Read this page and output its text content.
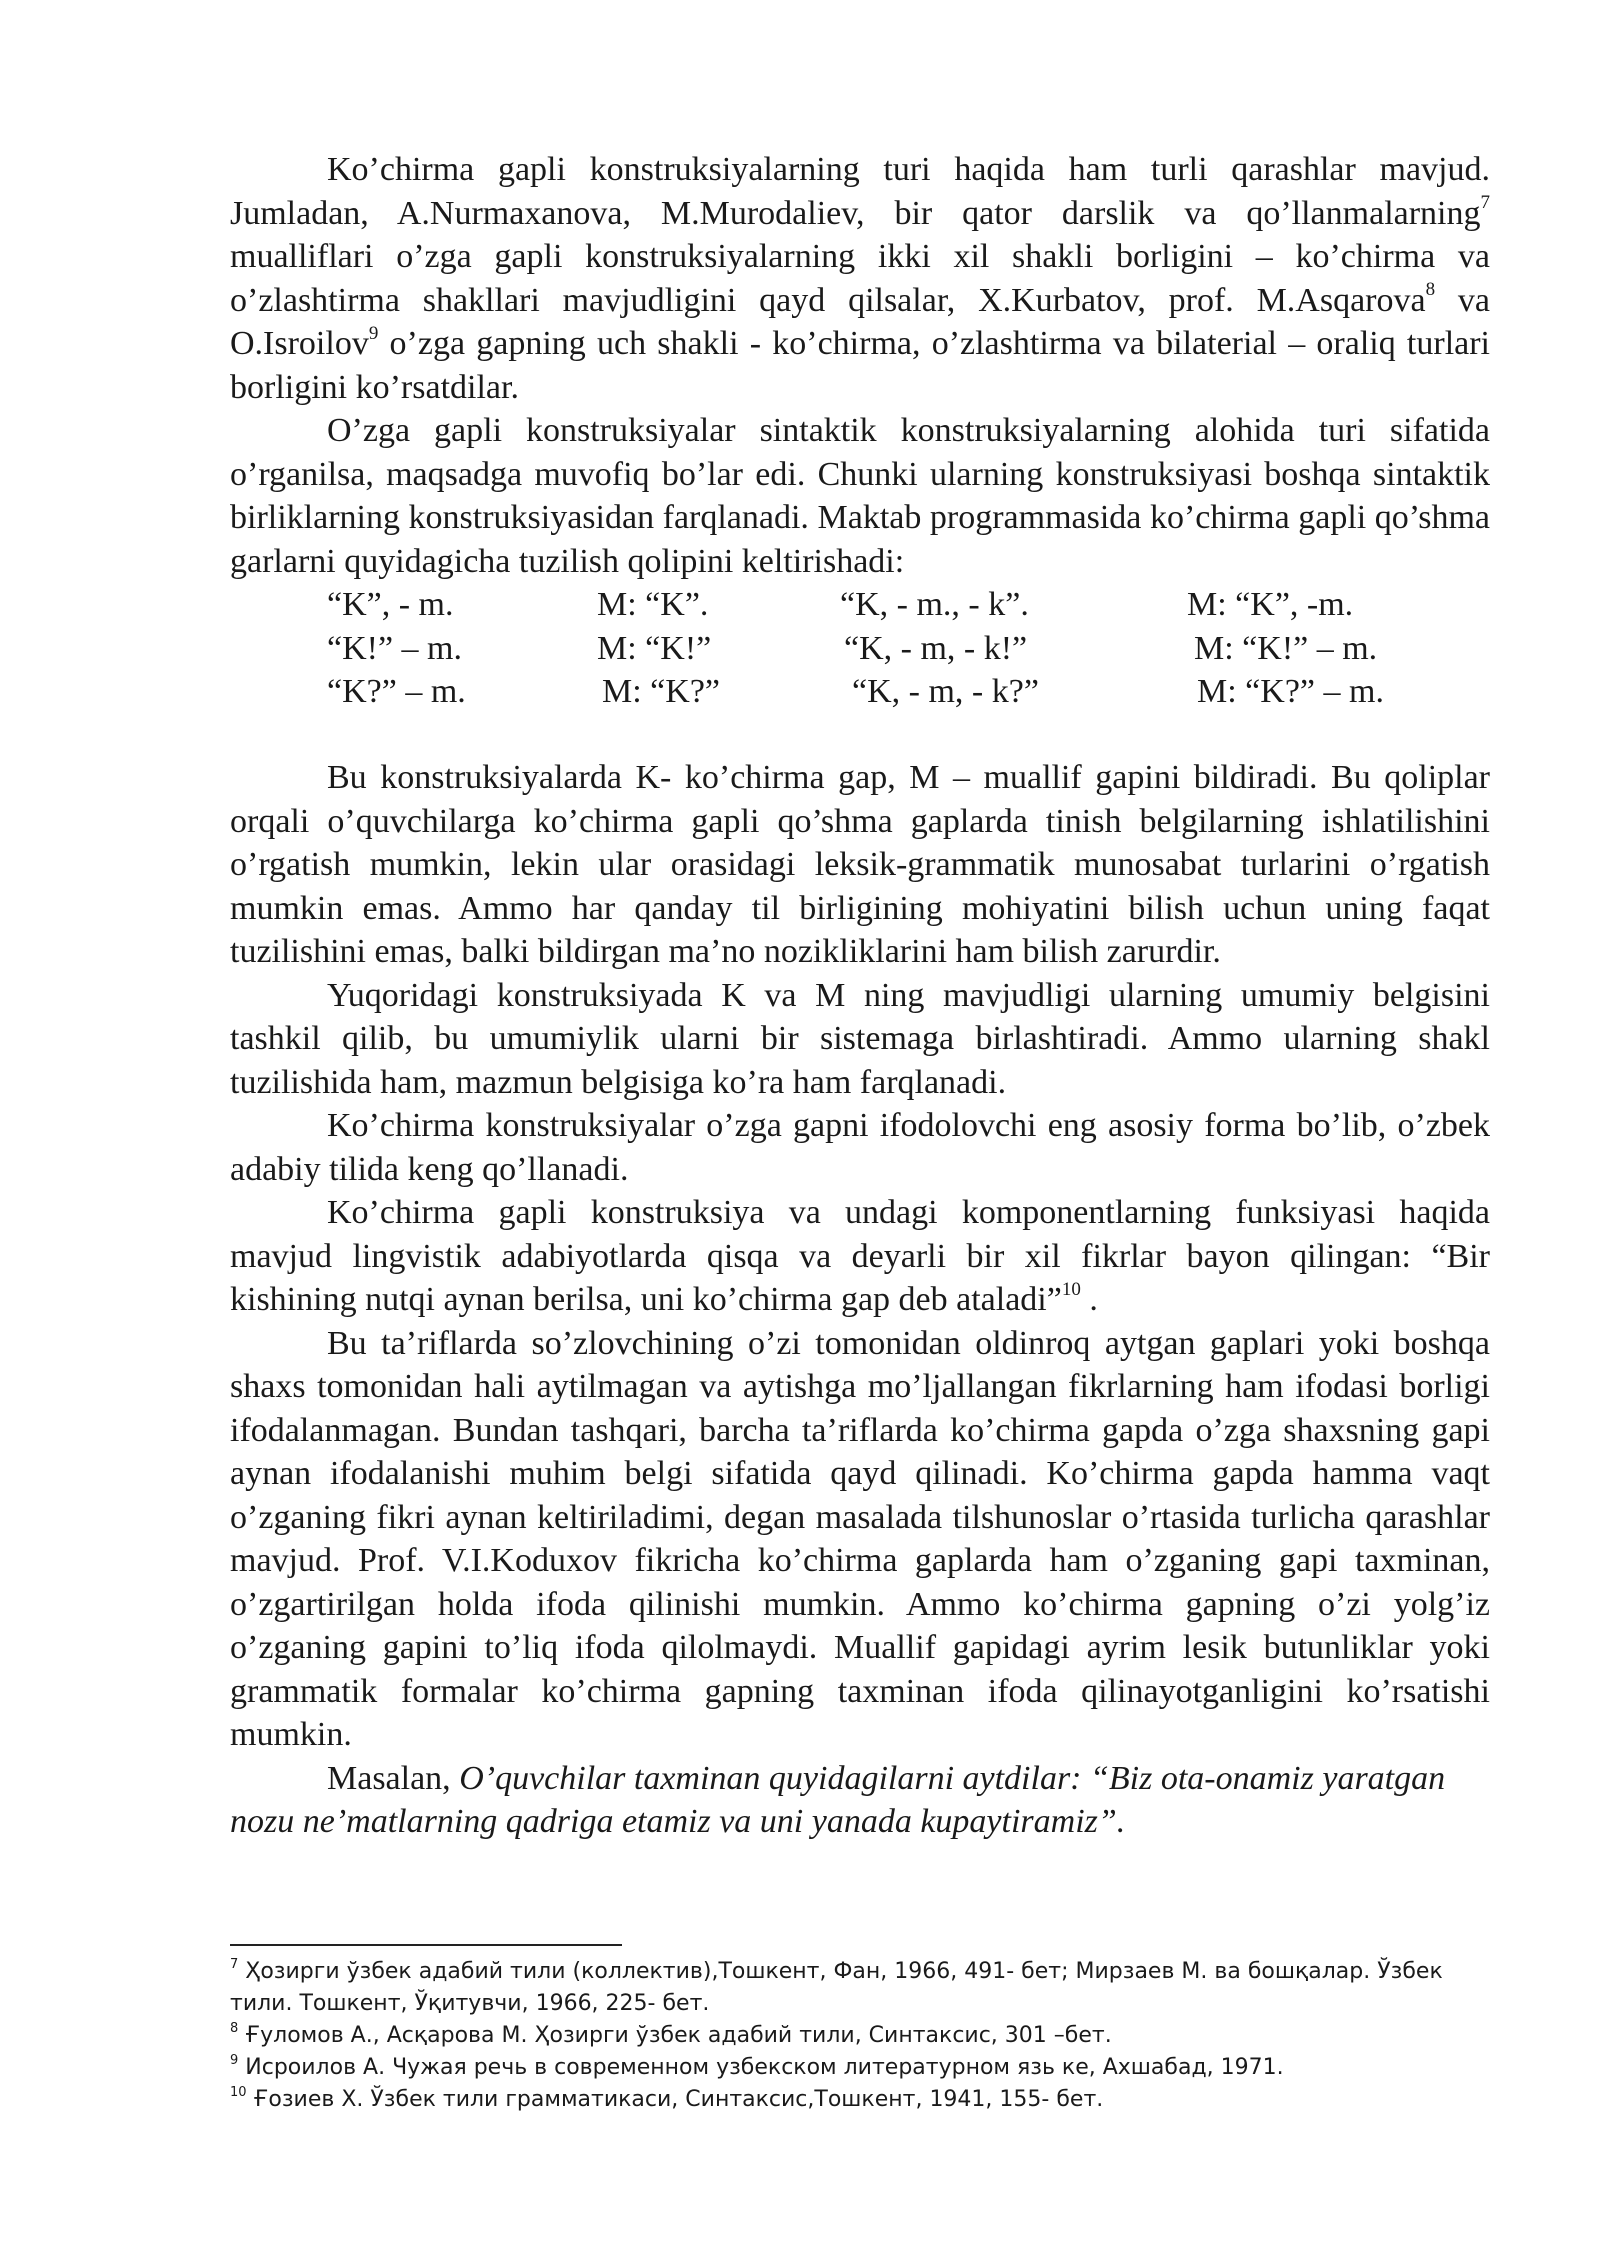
Ko’chirma gapli konstruksiyalarning turi haqida ham turli qarashlar mavjud. Jumladan, A.Nurmaxanova, M.Murodaliev, bir qator darslik va qo’llanmalarning$^7$ mualliflari o’zga gapli konstruksiyalarning ikki xil shakli borligini – ko’chirma va o’zlashtirma shakllari mavjudligini qayd qilsalar, X.Kurbatov, prof. M.Asqarova$^8$ va O.Isroilov$^9$ o’zga gapning uch shakli - ko’chirma, o’zlashtirma va bilaterial – oraliq turlari borligini ko’rsatdilar.

O’zga gapli konstruksiyalar sintaktik konstruksiyalarning alohida turi sifatida o’rganilsa, maqsadga muvofiq bo’lar edi. Chunki ularning konstruksiyasi boshqa sintaktik birliklarning konstruksiyasidan farqlanadi. Maktab programmasida ko’chirma gapli qo’shma garlarni quyidagicha tuzilish qolipini keltirishadi:

“K”, - m.	M: “K”.	“K, - m., - k”.	M: “K”, -m.
“K!” – m.	M: “K!”	“K, - m, - k!”	M: “K!” – m.
“K?” – m.	M: “K?”	“K, - m, - k?”	M: “K?” – m.

Bu konstruksiyalarda K- ko’chirma gap, M – muallif gapini bildiradi. Bu qoliplar orqali o’quvchilarga ko’chirma gapli qo’shma gaplarda tinish belgilarning ishlatilishini o’rgatish mumkin, lekin ular orasidagi leksik-grammatik munosabat turlarini o’rgatish mumkin emas. Ammo har qanday til birligining mohiyatini bilish uchun uning faqat tuzilishini emas, balki bildirgan ma’no nozikliklarini ham bilish zarurdir.

Yuqoridagi konstruksiyada K va M ning mavjudligi ularning umumiy belgisini tashkil qilib, bu umumiylik ularni bir sistemaga birlashtiradi. Ammo ularning shakl tuzilishida ham, mazmun belgisiga ko’ra ham farqlanadi.

Ko’chirma konstruksiyalar o’zga gapni ifodolovchi eng asosiy forma bo’lib, o’zbek adabiy tilida keng qo’llanadi.

Ko’chirma gapli konstruksiya va undagi komponentlarning funksiyasi haqida mavjud lingvistik adabiyotlarda qisqa va deyarli bir xil fikrlar bayon qilingan: “Bir kishining nutqi aynan berilsa, uni ko’chirma gap deb ataladi”$^{10}$ .

Bu ta’riflarda so’zlovchining o’zi tomonidan oldinroq aytgan gaplari yoki boshqa shaxs tomonidan hali aytilmagan va aytishga mo’ljallangan fikrlarning ham ifodasi borligi ifodalanmagan. Bundan tashqari, barcha ta’riflarda ko’chirma gapda o’zga shaxsning gapi aynan ifodalanishi muhim belgi sifatida qayd qilinadi. Ko’chirma gapda hamma vaqt o’zganing fikri aynan keltiriladimi, degan masalada tilshunoslar o’rtasida turlicha qarashlar mavjud. Prof. V.I.Koduxov fikricha ko’chirma gaplarda ham o’zganing gapi taxminan, o’zgartirilgan holda ifoda qilinishi mumkin. Ammo ko’chirma gapning o’zi yolg’iz o’zganing gapini to’liq ifoda qilolmaydi. Muallif gapidagi ayrim lesik butunliklar yoki grammatik formalar ko’chirma gapning taxminan ifoda qilinayotganligini ko’rsatishi mumkin.

Masalan, O’quvchilar taxminan quyidagilarni aytdilar: “Biz ota-onamiz yaratgan nozu ne’matlarning qadriga etamiz va uni yanada kupaytiramiz”.

$^7$ Ҳозирги ўзбек адабий тили (коллектив),Тошкент, Фан, 1966, 491- бет; Мирзаев М. ва бошқалар. Ўзбек тили. Тошкент, Ўқитувчи, 1966, 225- бет.

$^8$ Ғуломов А., Асқарова М. Ҳозирги ўзбек адабий тили, Синтаксис, 301 –бет.

$^9$ Исроилов А. Чужая речь в современном узбекском литературном язь ке, Ахшабад, 1971.

$^{10}$ Ғозиев Х. Ўзбек тили грамматикаси, Синтаксис,Тошкент, 1941, 155- бет.
